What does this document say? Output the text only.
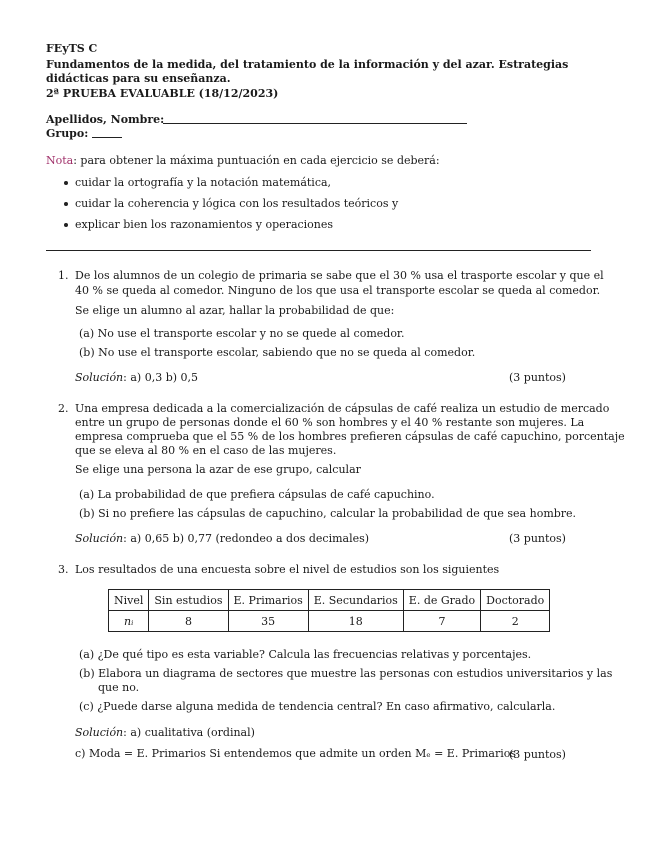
FEyTS C
Fundamentos de la medida, del tratamiento de la información y del azar. Estrategias
didácticas para su enseñanza.
2ª PRUEBA EVALUABLE (18/12/2023)
Apellidos, Nombre:
Grupo:
Nota: para obtener la máxima puntuación en cada ejercicio se deberá:
cuidar la ortografía y la notación matemática,
cuidar la coherencia y lógica con los resultados teóricos y
explicar bien los razonamientos y operaciones
1. De los alumnos de un colegio de primaria se sabe que el 30 % usa el trasporte escolar y que el
40 % se queda al comedor. Ninguno de los que usa el transporte escolar se queda al comedor.
Se elige un alumno al azar, hallar la probabilidad de que:
(a) No use el transporte escolar y no se quede al comedor.
(b) No use el transporte escolar, sabiendo que no se queda al comedor.
Solución: a) 0,3 b) 0,5	(3 puntos)
2. Una empresa dedicada a la comercialización de cápsulas de café realiza un estudio de mercado
entre un grupo de personas donde el 60 % son hombres y el 40 % restante son mujeres. La
empresa comprueba que el 55 % de los hombres prefieren cápsulas de café capuchino, porcentaje
que se eleva al 80 % en el caso de las mujeres.
Se elige una persona la azar de ese grupo, calcular
(a) La probabilidad de que prefiera cápsulas de café capuchino.
(b) Si no prefiere las cápsulas de capuchino, calcular la probabilidad de que sea hombre.
Solución: a) 0,65 b) 0,77 (redondeo a dos decimales)	(3 puntos)
3. Los resultados de una encuesta sobre el nivel de estudios son los siguientes
Nivel	Sin estudios	E. Primarios	E. Secundarios	E. de Grado	Doctorado
nᵢ	8	35	18	7	2
(a) ¿De qué tipo es esta variable? Calcula las frecuencias relativas y porcentajes.
(b) Elabora un diagrama de sectores que muestre las personas con estudios universitarios y las
que no.
(c) ¿Puede darse alguna medida de tendencia central? En caso afirmativo, calcularla.
Solución: a) cualitativa (ordinal)
c) Moda = E. Primarios Si entendemos que admite un orden Mₑ = E. Primarios
(3 puntos)
